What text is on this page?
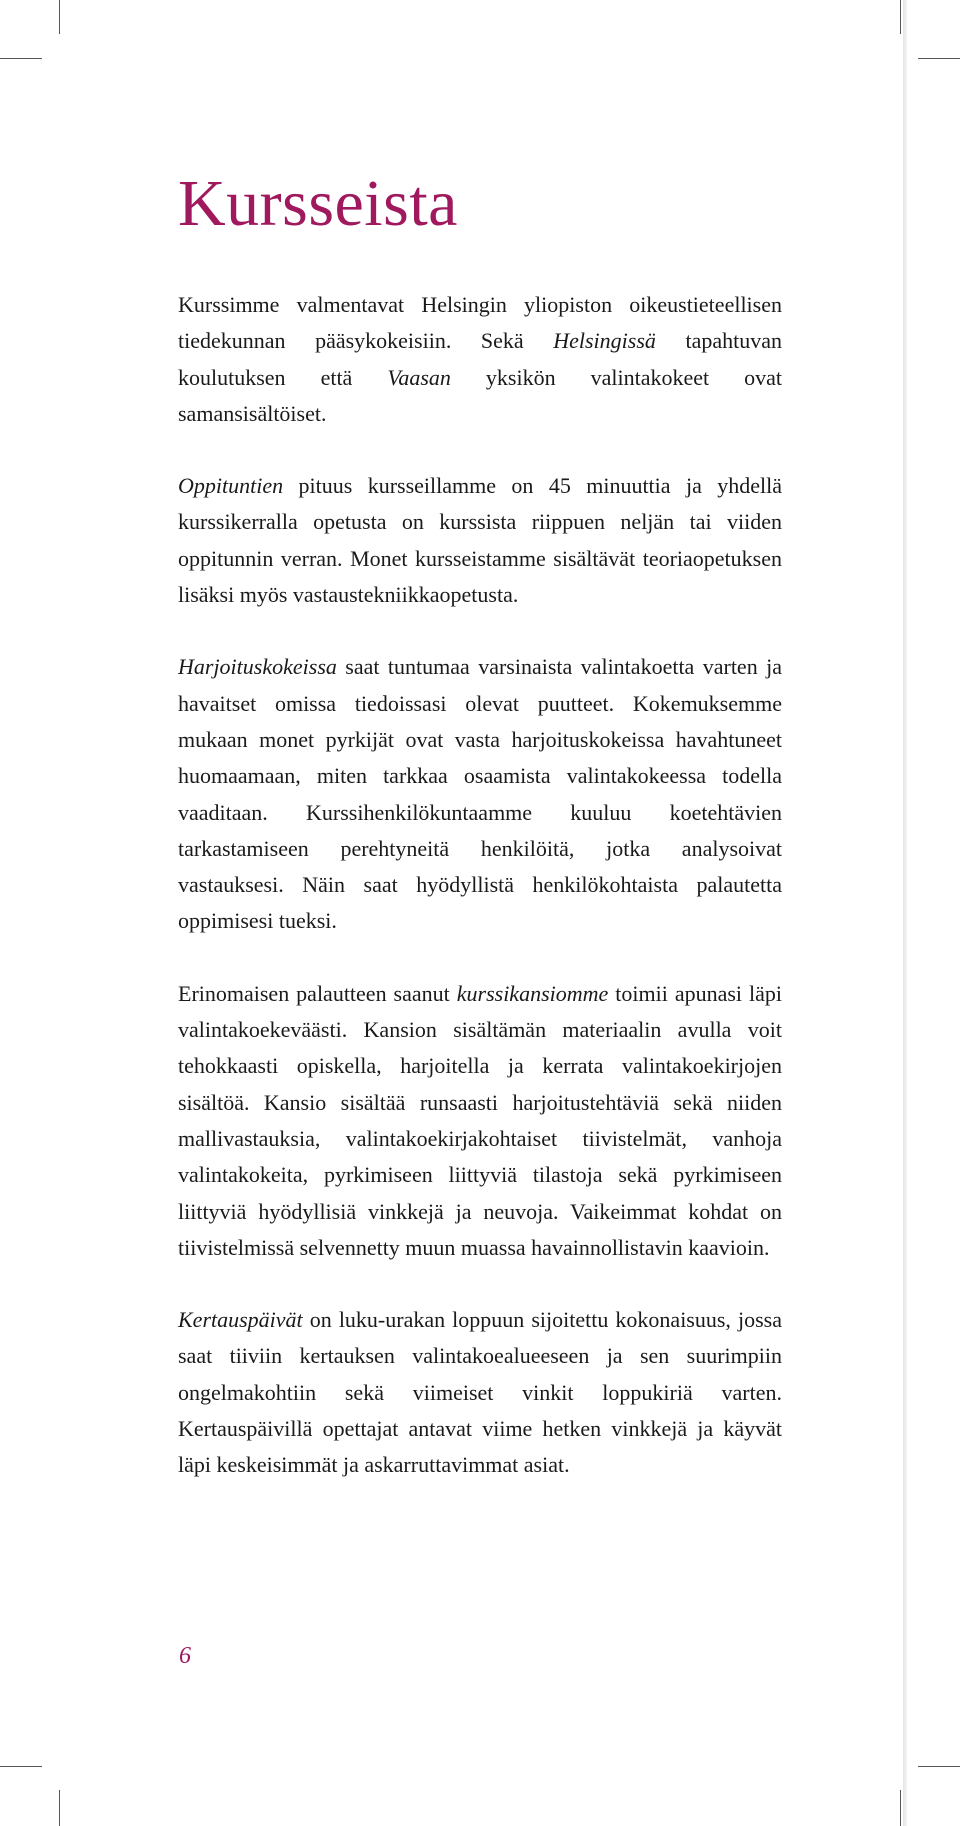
Kursseista

Kurssimme valmentavat Helsingin yliopiston oikeustieteellisen tiedekunnan pääsykokeisiin. Sekä Helsingissä tapahtuvan koulutuksen että Vaasan yksikön valintakokeet ovat samansisältöiset.

Oppituntien pituus kursseillamme on 45 minuuttia ja yhdellä kurssikerralla opetusta on kurssista riippuen neljän tai viiden oppitunnin verran. Monet kursseistamme sisältävät teoriaopetuksen lisäksi myös vastaustekniikkaopetusta.

Harjoituskokeissa saat tuntumaa varsinaista valintakoetta varten ja havaitset omissa tiedoissasi olevat puutteet. Kokemuksemme mukaan monet pyrkijät ovat vasta harjoituskokeissa havahtuneet huomaamaan, miten tarkkaa osaamista valintakokeessa todella vaaditaan. Kurssihenkilökuntaamme kuuluu koetehtävien tarkastamiseen perehtyneitä henkilöitä, jotka analysoivat vastauksesi. Näin saat hyödyllistä henkilökohtaista palautetta oppimisesi tueksi.

Erinomaisen palautteen saanut kurssikansiomme toimii apunasi läpi valintakoekeväästi. Kansion sisältämän materiaalin avulla voit tehokkaasti opiskella, harjoitella ja kerrata valintakoekirjojen sisältöä. Kansio sisältää runsaasti harjoitustehtäviä sekä niiden mallivastauksia, valintakoekirjakohtaiset tiivistelmät, vanhoja valintakokeita, pyrkimiseen liittyviä tilastoja sekä pyrkimiseen liittyviä hyödyllisiä vinkkejä ja neuvoja. Vaikeimmat kohdat on tiivistelmissä selvennetty muun muassa havainnollistavin kaavioin.

Kertauspäivät on luku-urakan loppuun sijoitettu kokonaisuus, jossa saat tiiviin kertauksen valintakoealueeseen ja sen suurimpiin ongelmakohtiin sekä viimeiset vinkit loppukiriä varten. Kertauspäivillä opettajat antavat viime hetken vinkkejä ja käyvät läpi keskeisimmät ja askarruttavimmat asiat.

6
